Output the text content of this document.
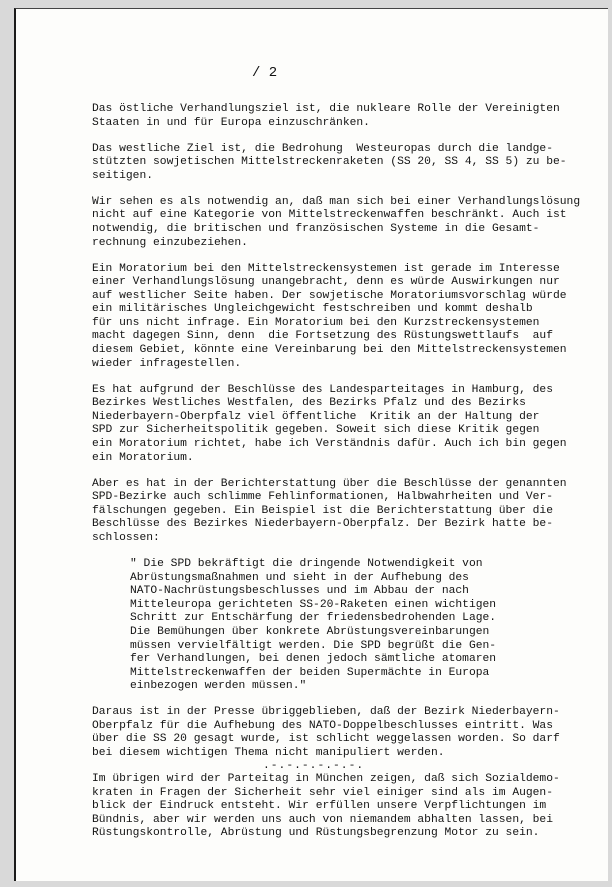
/ 2
Das östliche Verhandlungsziel ist, die nukleare Rolle der Vereinigten
Staaten in und für Europa einzuschränken.
Das westliche Ziel ist, die Bedrohung  Westeuropas durch die landge-
stützten sowjetischen Mittelstreckenraketen (SS 20, SS 4, SS 5) zu be-
seitigen.
Wir sehen es als notwendig an, daß man sich bei einer Verhandlungslösung
nicht auf eine Kategorie von Mittelstreckenwaffen beschränkt. Auch ist
notwendig, die britischen und französischen Systeme in die Gesamt-
rechnung einzubeziehen.
Ein Moratorium bei den Mittelstreckensystemen ist gerade im Interesse
einer Verhandlungslösung unangebracht, denn es würde Auswirkungen nur
auf westlicher Seite haben. Der sowjetische Moratoriumsvorschlag würde
ein militärisches Ungleichgewicht festschreiben und kommt deshalb
für uns nicht infrage. Ein Moratorium bei den Kurzstreckensystemen
macht dagegen Sinn, denn  die Fortsetzung des Rüstungswettlaufs  auf
diesem Gebiet, könnte eine Vereinbarung bei den Mittelstreckensystemen
wieder infragestellen.
Es hat aufgrund der Beschlüsse des Landesparteitages in Hamburg, des
Bezirkes Westliches Westfalen, des Bezirks Pfalz und des Bezirks
Niederbayern-Oberpfalz viel öffentliche  Kritik an der Haltung der
SPD zur Sicherheitspolitik gegeben. Soweit sich diese Kritik gegen
ein Moratorium richtet, habe ich Verständnis dafür. Auch ich bin gegen
ein Moratorium.
Aber es hat in der Berichterstattung über die Beschlüsse der genannten
SPD-Bezirke auch schlimme Fehlinformationen, Halbwahrheiten und Ver-
fälschungen gegeben. Ein Beispiel ist die Berichterstattung über die
Beschlüsse des Bezirkes Niederbayern-Oberpfalz. Der Bezirk hatte be-
schlossen:
" Die SPD bekräftigt die dringende Notwendigkeit von
Abrüstungsmaßnahmen und sieht in der Aufhebung des
NATO-Nachrüstungsbeschlusses und im Abbau der nach
Mitteleuropa gerichteten SS-20-Raketen einen wichtigen
Schritt zur Entschärfung der friedensbedrohenden Lage.
Die Bemühungen über konkrete Abrüstungsvereinbarungen
müssen vervielfältigt werden. Die SPD begrüßt die Gen-
fer Verhandlungen, bei denen jedoch sämtliche atomaren
Mittelstreckenwaffen der beiden Supermächte in Europa
einbezogen werden müssen."
Daraus ist in der Presse übriggeblieben, daß der Bezirk Niederbayern-
Oberpfalz für die Aufhebung des NATO-Doppelbeschlusses eintritt. Was
über die SS 20 gesagt wurde, ist schlicht weggelassen worden. So darf
bei diesem wichtigen Thema nicht manipuliert werden.
Im übrigen wird der Parteitag in München zeigen, daß sich Sozialdemo-
kraten in Fragen der Sicherheit sehr viel einiger sind als im Augen-
blick der Eindruck entsteht. Wir erfüllen unsere Verpflichtungen im
Bündnis, aber wir werden uns auch von niemandem abhalten lassen, bei
Rüstungskontrolle, Abrüstung und Rüstungsbegrenzung Motor zu sein.
.-.-.-.-.-.-.
